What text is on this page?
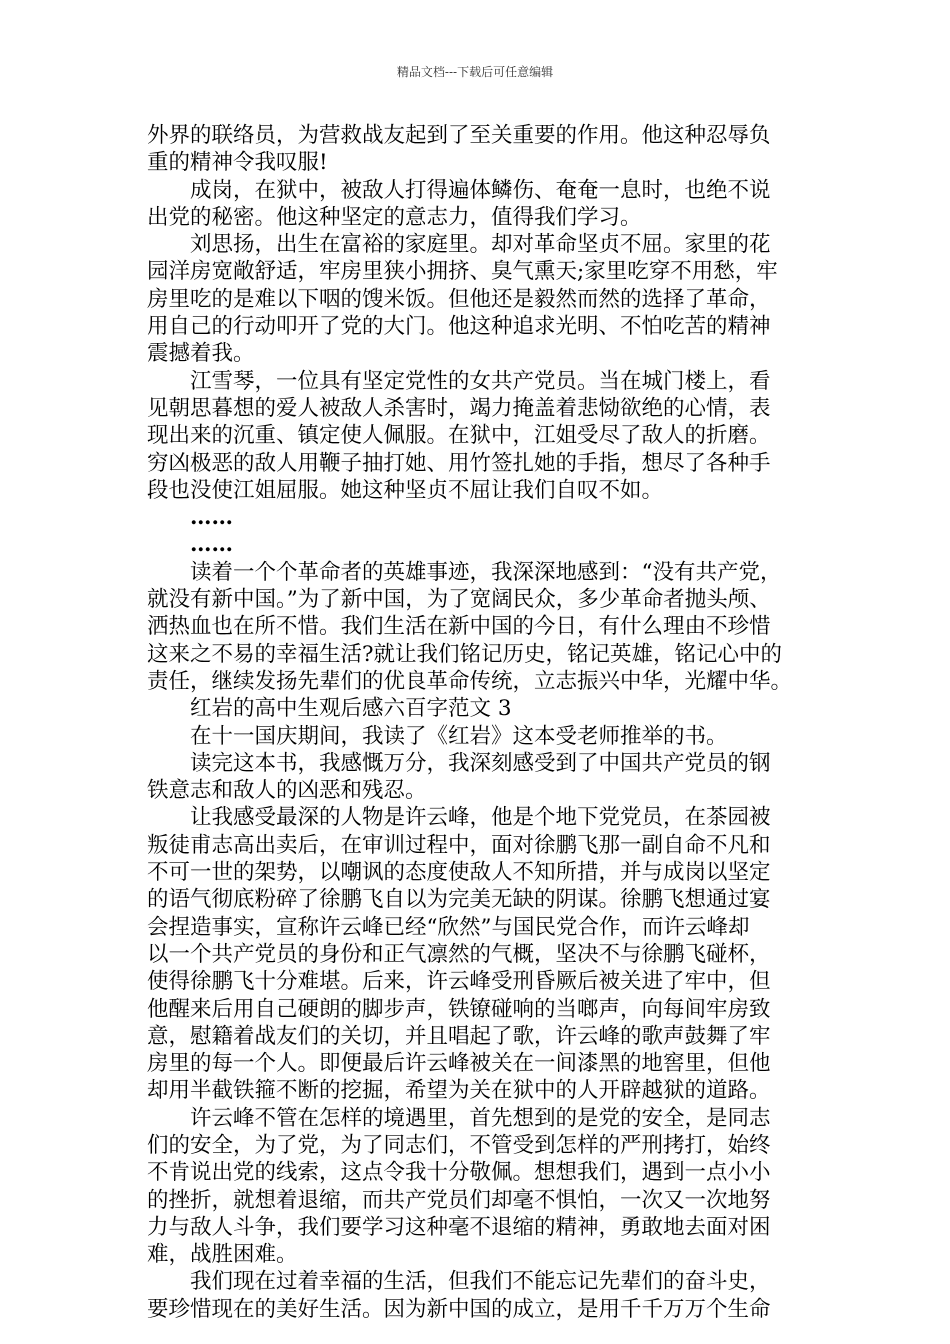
精品文档---下载后可任意编辑

外界的联络员，为营救战友起到了至关重要的作用。他这种忍辱负
重的精神令我叹服!

成岗，在狱中，被敌人打得遍体鳞伤、奄奄一息时，也绝不说
出党的秘密。他这种坚定的意志力，值得我们学习。

刘思扬，出生在富裕的家庭里。却对革命坚贞不屈。家里的花
园洋房宽敞舒适，牢房里狭小拥挤、臭气熏天;家里吃穿不用愁，牢
房里吃的是难以下咽的馊米饭。但他还是毅然而然的选择了革命，
用自己的行动叩开了党的大门。他这种追求光明、不怕吃苦的精神
震撼着我。

江雪琴，一位具有坚定党性的女共产党员。当在城门楼上，看
见朝思暮想的爱人被敌人杀害时，竭力掩盖着悲恸欲绝的心情，表
现出来的沉重、镇定使人佩服。在狱中，江姐受尽了敌人的折磨。
穷凶极恶的敌人用鞭子抽打她、用竹签扎她的手指，想尽了各种手
段也没使江姐屈服。她这种坚贞不屈让我们自叹不如。

……

……

读着一个个革命者的英雄事迹，我深深地感到：“没有共产党，
就没有新中国。”为了新中国，为了宽阔民众，多少革命者抛头颅、
洒热血也在所不惜。我们生活在新中国的今日，有什么理由不珍惜
这来之不易的幸福生活?就让我们铭记历史，铭记英雄，铭记心中的
责任，继续发扬先辈们的优良革命传统，立志振兴中华，光耀中华。

红岩的高中生观后感六百字范文 3

在十一国庆期间，我读了《红岩》这本受老师推举的书。

读完这本书，我感慨万分，我深刻感受到了中国共产党员的钢
铁意志和敌人的凶恶和残忍。

让我感受最深的人物是许云峰，他是个地下党党员，在茶园被
叛徒甫志高出卖后，在审训过程中，面对徐鹏飞那一副自命不凡和
不可一世的架势，以嘲讽的态度使敌人不知所措，并与成岗以坚定
的语气彻底粉碎了徐鹏飞自以为完美无缺的阴谋。徐鹏飞想通过宴
会捏造事实，宣称许云峰已经“欣然”与国民党合作，而许云峰却
以一个共产党员的身份和正气凛然的气概，坚决不与徐鹏飞碰杯，
使得徐鹏飞十分难堪。后来，许云峰受刑昏厥后被关进了牢中，但
他醒来后用自己硬朗的脚步声，铁镣碰响的当啷声，向每间牢房致
意，慰籍着战友们的关切，并且唱起了歌，许云峰的歌声鼓舞了牢
房里的每一个人。即便最后许云峰被关在一间漆黑的地窖里，但他
却用半截铁箍不断的挖掘，希望为关在狱中的人开辟越狱的道路。

许云峰不管在怎样的境遇里，首先想到的是党的安全，是同志
们的安全，为了党，为了同志们，不管受到怎样的严刑拷打，始终
不肯说出党的线索，这点令我十分敬佩。想想我们，遇到一点小小
的挫折，就想着退缩，而共产党员们却毫不惧怕，一次又一次地努
力与敌人斗争，我们要学习这种毫不退缩的精神，勇敢地去面对困
难，战胜困难。

我们现在过着幸福的生活，但我们不能忘记先辈们的奋斗史，
要珍惜现在的美好生活。因为新中国的成立，是用千千万万个生命
